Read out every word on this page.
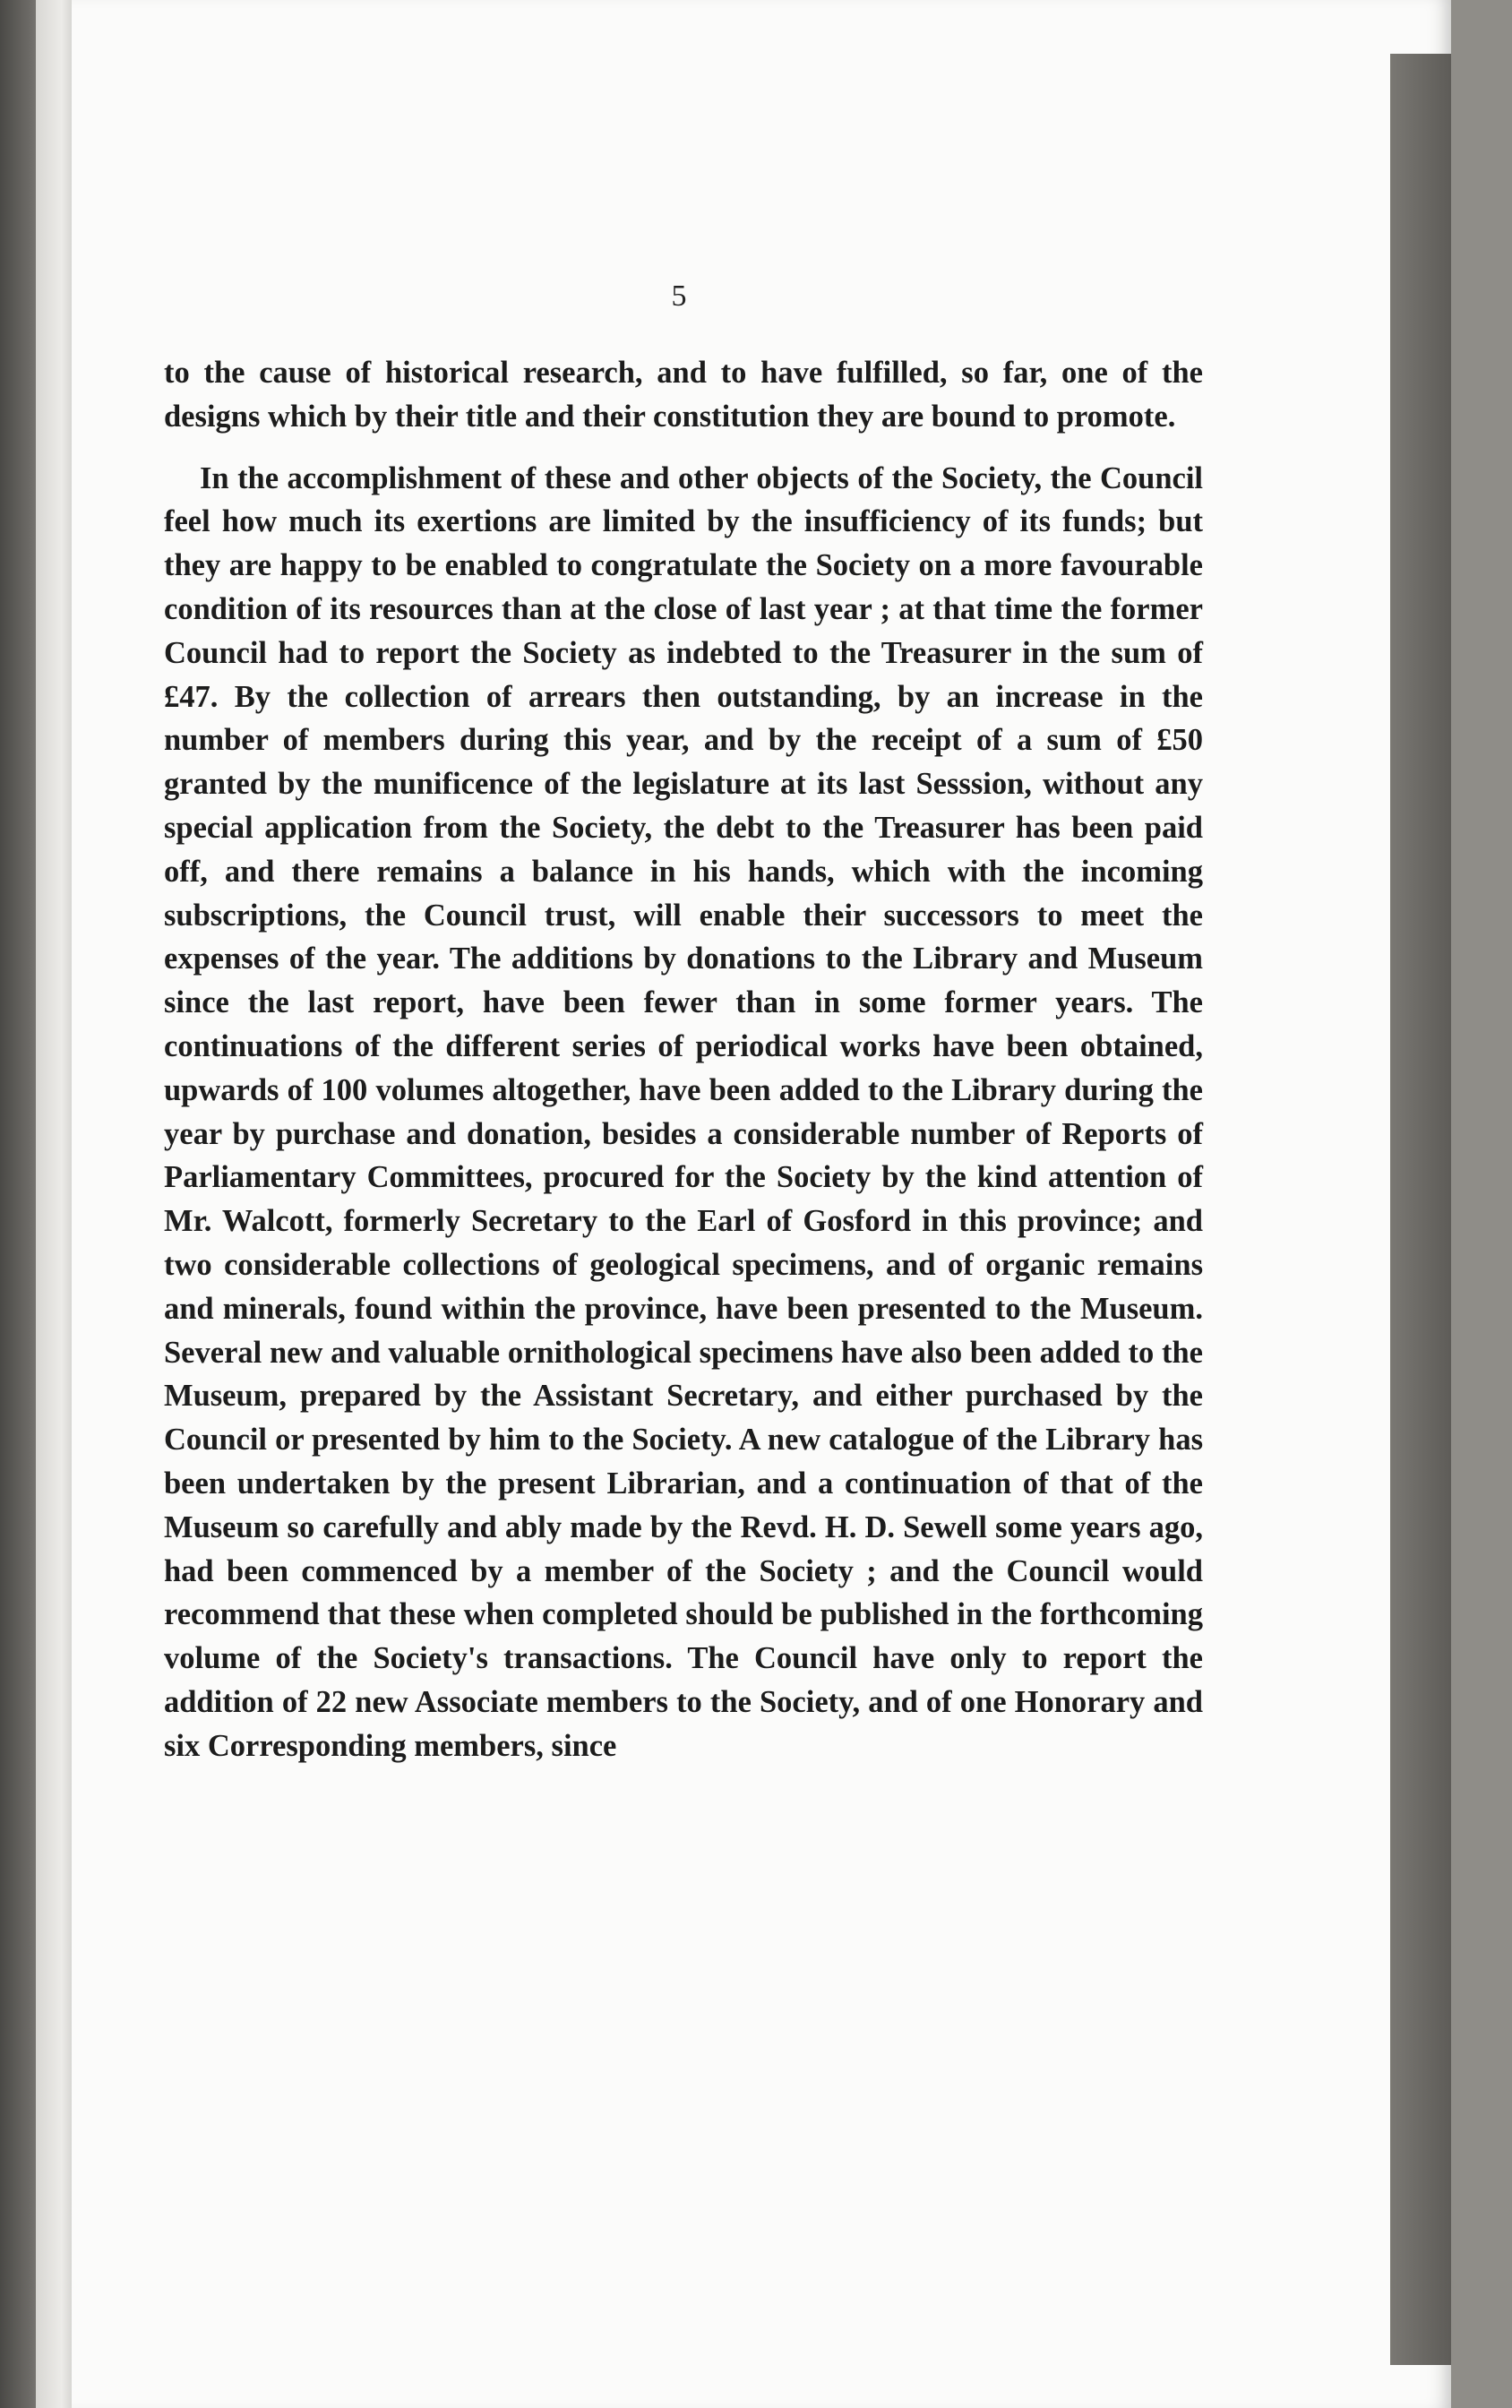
5

to the cause of historical research, and to have fulfilled, so far, one of the designs which by their title and their constitution they are bound to promote.

In the accomplishment of these and other objects of the Society, the Council feel how much its exertions are limited by the insufficiency of its funds; but they are happy to be enabled to congratulate the Society on a more favourable condition of its resources than at the close of last year ; at that time the former Council had to report the Society as indebted to the Treasurer in the sum of £47. By the collection of arrears then outstanding, by an increase in the number of members during this year, and by the receipt of a sum of £50 granted by the munificence of the legislature at its last Sesssion, without any special application from the Society, the debt to the Treasurer has been paid off, and there remains a balance in his hands, which with the incoming subscriptions, the Council trust, will enable their successors to meet the expenses of the year. The additions by donations to the Library and Museum since the last report, have been fewer than in some former years. The continuations of the different series of periodical works have been obtained, upwards of 100 volumes altogether, have been added to the Library during the year by purchase and donation, besides a considerable number of Reports of Parliamentary Committees, procured for the Society by the kind attention of Mr. Walcott, formerly Secretary to the Earl of Gosford in this province; and two considerable collections of geological specimens, and of organic remains and minerals, found within the province, have been presented to the Museum. Several new and valuable ornithological specimens have also been added to the Museum, prepared by the Assistant Secretary, and either purchased by the Council or presented by him to the Society. A new catalogue of the Library has been undertaken by the present Librarian, and a continuation of that of the Museum so carefully and ably made by the Revd. H. D. Sewell some years ago, had been commenced by a member of the Society ; and the Council would recommend that these when completed should be published in the forthcoming volume of the Society's transactions. The Council have only to report the addition of 22 new Associate members to the Society, and of one Honorary and six Corresponding members, since
